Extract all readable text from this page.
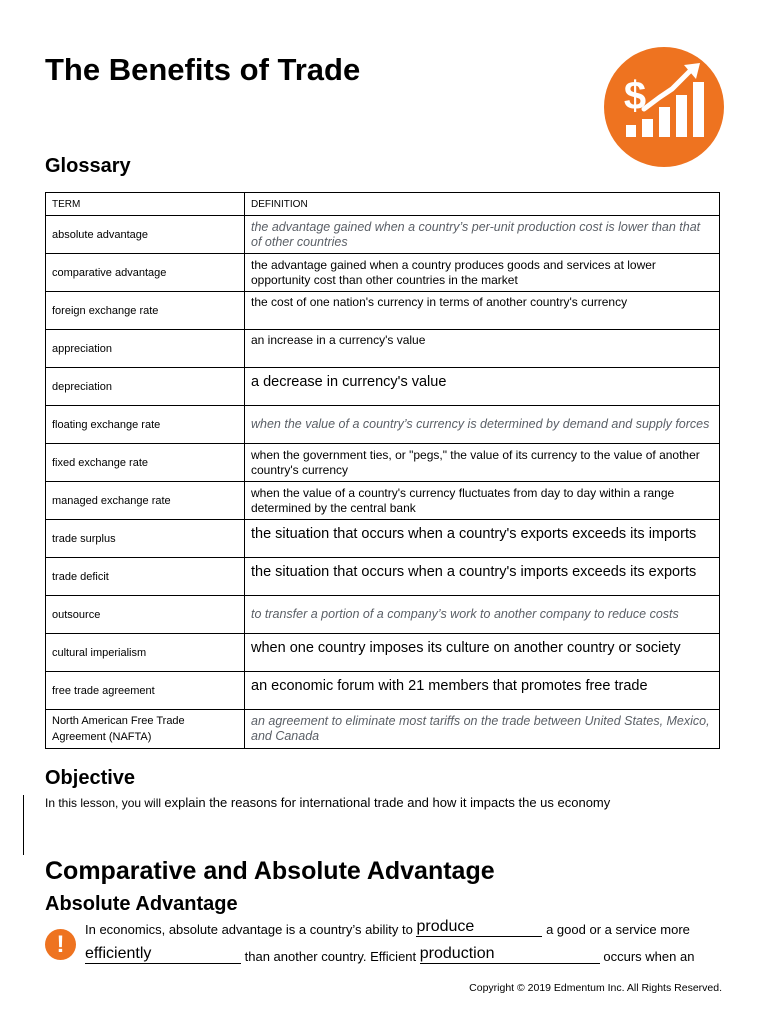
The Benefits of Trade
$
Glossary
TERM	DEFINITION
absolute advantage	the advantage gained when a country’s per-unit production cost is lower than that of other countries
comparative advantage	the advantage gained when a country produces goods and services at lower opportunity cost than other countries in the market
foreign exchange rate	the cost of one nation's currency in terms of another country's currency
appreciation	an increase in a currency's value
depreciation	a decrease in currency's value
floating exchange rate	when the value of a country’s currency is determined by demand and supply forces
fixed exchange rate	when the government ties, or "pegs," the value of its currency to the value of another country's currency
managed exchange rate	when the value of a country's currency fluctuates from day to day within a range determined by the central bank
trade surplus	the situation that occurs when a country's exports exceeds its imports
trade deficit	the situation that occurs when a country's imports exceeds its exports
outsource	to transfer a portion of a company’s work to another company to reduce costs
cultural imperialism	when one country imposes its culture on another country or society
free trade agreement	an economic forum with 21 members that promotes free trade
North American Free Trade Agreement (NAFTA)	an agreement to eliminate most tariffs on the trade between United States, Mexico, and Canada
Objective

In this lesson, you will explain the reasons for international trade and how it impacts the us economy

Comparative and Absolute Advantage
Absolute Advantage
!

In economics, absolute advantage is a country’s ability to produce	a good or a service more

efficiently	than another country. Efficient production	occurs when an

Copyright © 2019 Edmentum Inc. All Rights Reserved.
